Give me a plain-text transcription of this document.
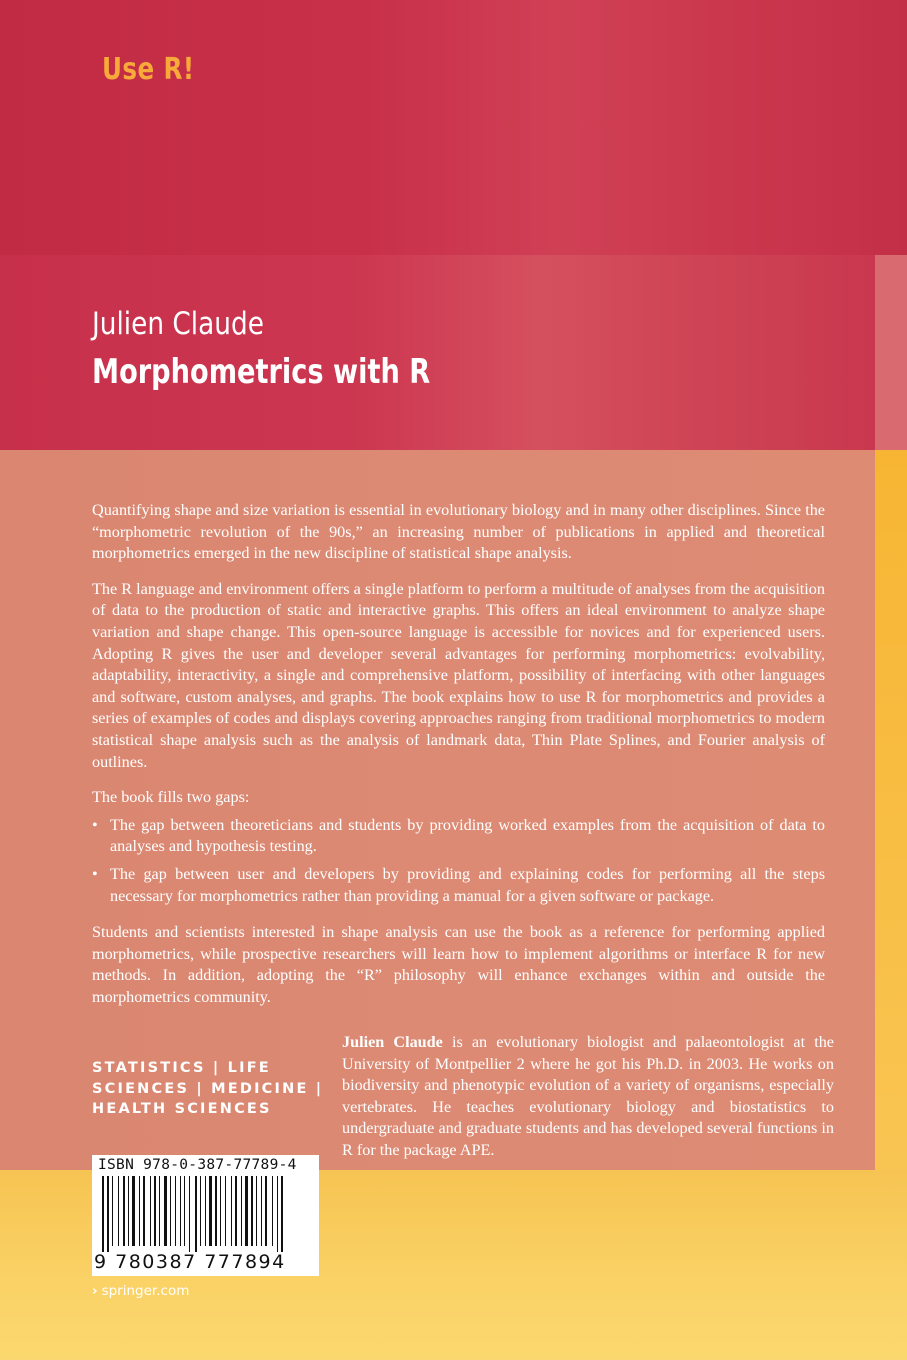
Use R!
Julien Claude
Morphometrics with R

Quantifying shape and size variation is essential in evolutionary biology and in many other disciplines. Since the “morphometric revolution of the 90s,” an increasing number of publications in applied and theoretical morphometrics emerged in the new discipline of statistical shape analysis.

The R language and environment offers a single platform to perform a multitude of analyses from the acquisition of data to the production of static and interactive graphs. This offers an ideal environment to analyze shape variation and shape change. This open-source language is accessible for novices and for experienced users. Adopting R gives the user and developer several advantages for performing morphometrics: evolvability, adaptability, interactivity, a single and comprehensive platform, possibility of interfacing with other languages and software, custom analyses, and graphs. The book explains how to use R for morphometrics and provides a series of examples of codes and displays covering approaches ranging from traditional morphometrics to modern statistical shape analysis such as the analysis of landmark data, Thin Plate Splines, and Fourier analysis of outlines.

The book fills two gaps:

• The gap between theoreticians and students by providing worked examples from the acquisition of data to analyses and hypothesis testing.
• The gap between user and developers by providing and explaining codes for performing all the steps necessary for morphometrics rather than providing a manual for a given software or package.

Students and scientists interested in shape analysis can use the book as a reference for performing applied morphometrics, while prospective researchers will learn how to implement algorithms or interface R for new methods. In addition, adopting the “R” philosophy will enhance exchanges within and outside the morphometrics community.

Julien Claude is an evolutionary biologist and palaeontologist at the University of Montpellier 2 where he got his Ph.D. in 2003. He works on biodiversity and phenotypic evolution of a variety of organisms, especially vertebrates. He teaches evolutionary biology and biostatistics to undergraduate and graduate students and has developed several functions in R for the package APE.
STATISTICS | LIFE
SCIENCES | MEDICINE |
HEALTH SCIENCES
ISBN 978-0-387-77789-4
9 780387 777894
› springer.com
